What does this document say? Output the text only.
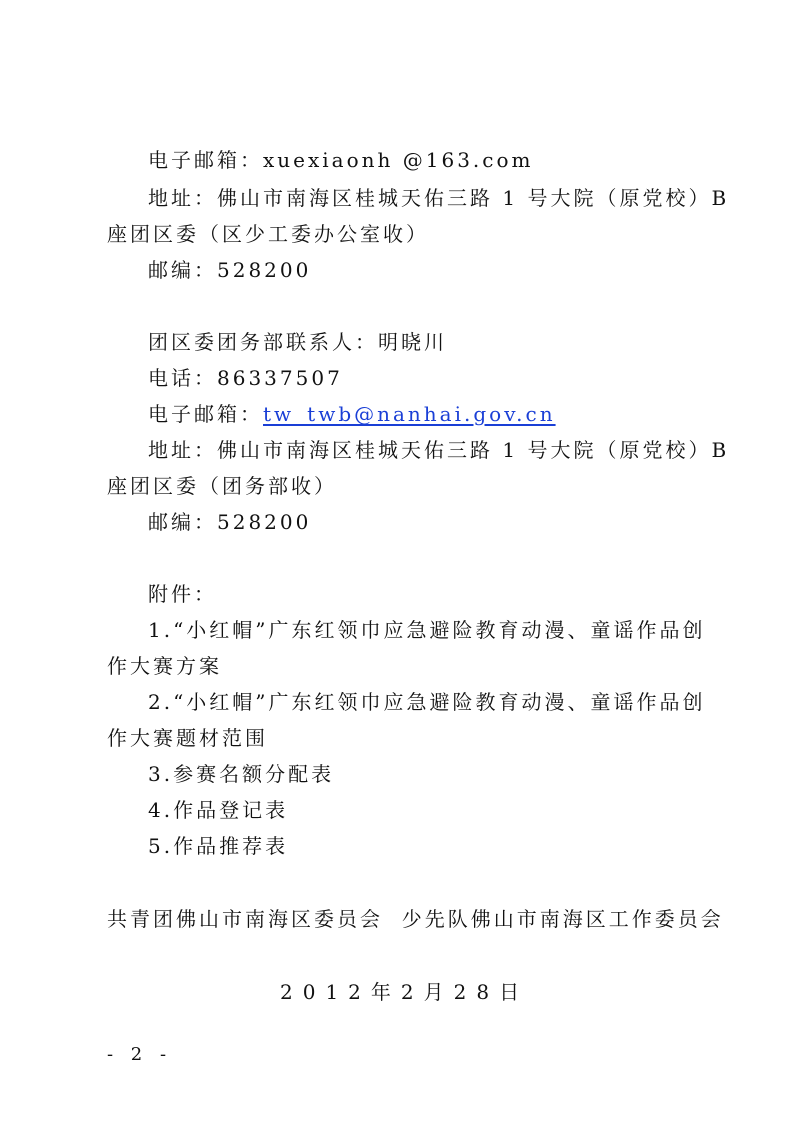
电子邮箱：xuexiaonh @163.com
地址：佛山市南海区桂城天佑三路 1 号大院（原党校）B
座团区委（区少工委办公室收）
邮编：528200
团区委团务部联系人：明晓川
电话：86337507
电子邮箱：tw_twb@nanhai.gov.cn
地址：佛山市南海区桂城天佑三路 1 号大院（原党校）B
座团区委（团务部收）
邮编：528200
附件：
1.“小红帽”广东红领巾应急避险教育动漫、童谣作品创
作大赛方案
2.“小红帽”广东红领巾应急避险教育动漫、童谣作品创
作大赛题材范围
3.参赛名额分配表
4.作品登记表
5.作品推荐表
共青团佛山市南海区委员会  少先队佛山市南海区工作委员会
2012年2月28日
- 2 -
